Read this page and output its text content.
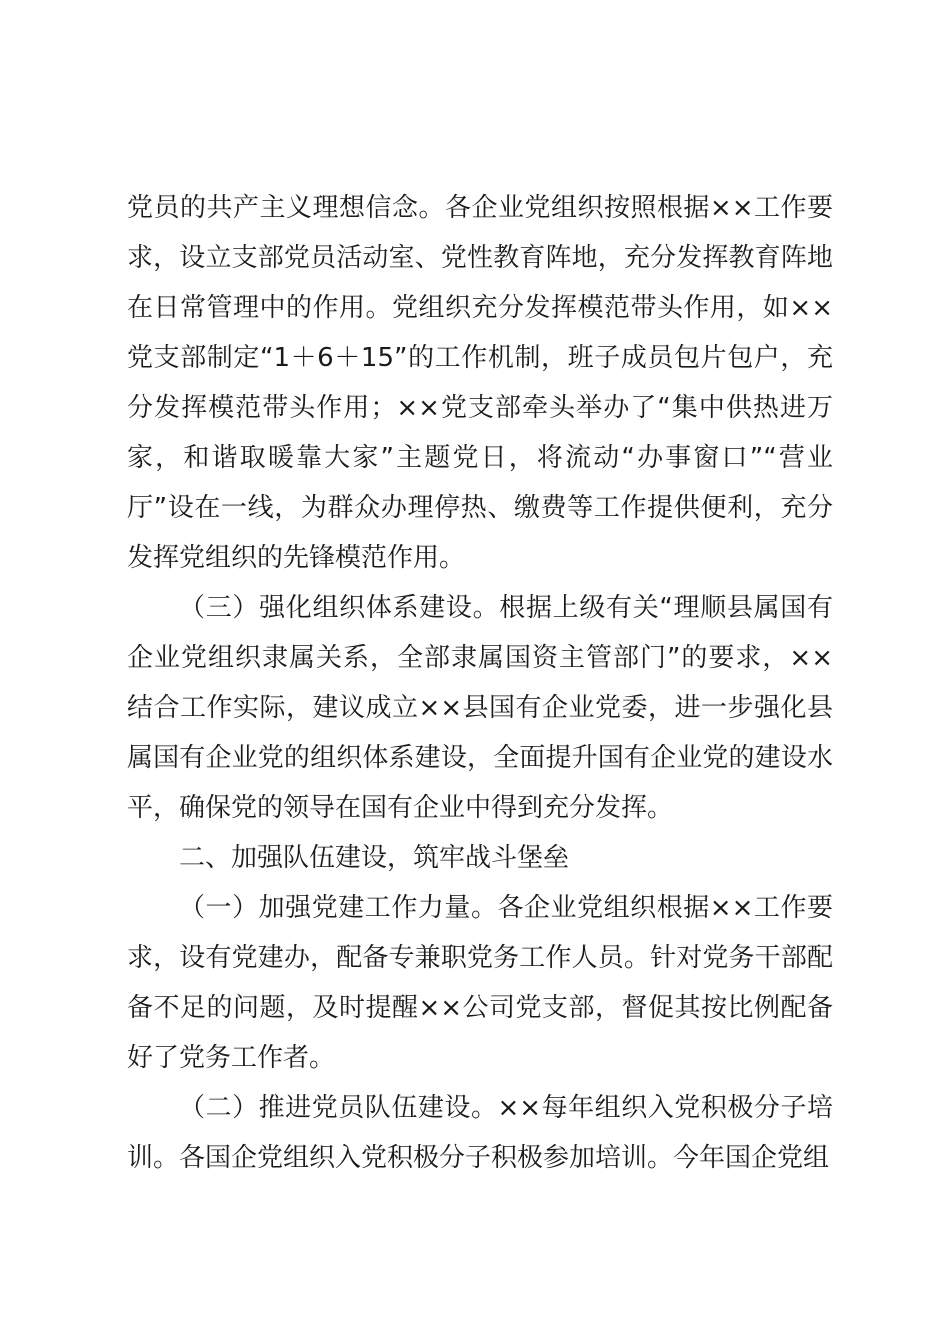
党员的共产主义理想信念。各企业党组织按照根据××工作要求，设立支部党员活动室、党性教育阵地，充分发挥教育阵地在日常管理中的作用。党组织充分发挥模范带头作用，如××党支部制定“1＋6＋15”的工作机制，班子成员包片包户，充分发挥模范带头作用；××党支部牵头举办了“集中供热进万家，和谐取暖靠大家”主题党日，将流动“办事窗口”“营业厅”设在一线，为群众办理停热、缴费等工作提供便利，充分发挥党组织的先锋模范作用。

（三）强化组织体系建设。根据上级有关“理顺县属国有企业党组织隶属关系，全部隶属国资主管部门”的要求，××结合工作实际，建议成立××县国有企业党委，进一步强化县属国有企业党的组织体系建设，全面提升国有企业党的建设水平，确保党的领导在国有企业中得到充分发挥。

二、加强队伍建设，筑牢战斗堡垒

（一）加强党建工作力量。各企业党组织根据××工作要求，设有党建办，配备专兼职党务工作人员。针对党务干部配备不足的问题，及时提醒××公司党支部，督促其按比例配备好了党务工作者。

（二）推进党员队伍建设。××每年组织入党积极分子培训。各国企党组织入党积极分子积极参加培训。今年国企党组
